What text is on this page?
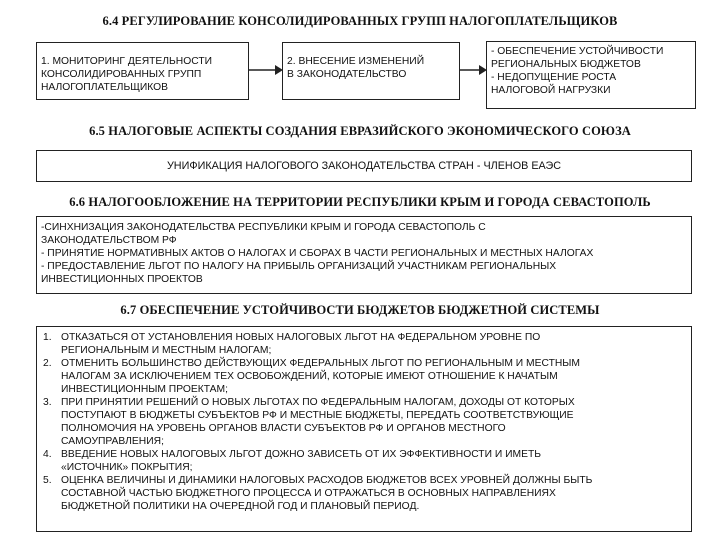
6.4 РЕГУЛИРОВАНИЕ КОНСОЛИДИРОВАННЫХ ГРУПП НАЛОГОПЛАТЕЛЬЩИКОВ
1. МОНИТОРИНГ ДЕЯТЕЛЬНОСТИ
КОНСОЛИДИРОВАННЫХ ГРУПП
НАЛОГОПЛАТЕЛЬЩИКОВ
2. ВНЕСЕНИЕ ИЗМЕНЕНИЙ
В ЗАКОНОДАТЕЛЬСТВО
- ОБЕСПЕЧЕНИЕ УСТОЙЧИВОСТИ
РЕГИОНАЛЬНЫХ БЮДЖЕТОВ
- НЕДОПУЩЕНИЕ РОСТА
НАЛОГОВОЙ НАГРУЗКИ
6.5 НАЛОГОВЫЕ АСПЕКТЫ СОЗДАНИЯ ЕВРАЗИЙСКОГО ЭКОНОМИЧЕСКОГО СОЮЗА
УНИФИКАЦИЯ НАЛОГОВОГО ЗАКОНОДАТЕЛЬСТВА СТРАН - ЧЛЕНОВ ЕАЭС
6.6 НАЛОГООБЛОЖЕНИЕ НА ТЕРРИТОРИИ РЕСПУБЛИКИ КРЫМ И ГОРОДА СЕВАСТОПОЛЬ
-СИНХНИЗАЦИЯ ЗАКОНОДАТЕЛЬСТВА РЕСПУБЛИКИ КРЫМ И ГОРОДА СЕВАСТОПОЛЬ С
ЗАКОНОДАТЕЛЬСТВОМ РФ
- ПРИНЯТИЕ НОРМАТИВНЫХ АКТОВ О НАЛОГАХ И СБОРАХ В ЧАСТИ РЕГИОНАЛЬНЫХ И МЕСТНЫХ НАЛОГАХ
- ПРЕДОСТАВЛЕНИЕ ЛЬГОТ ПО НАЛОГУ НА ПРИБЫЛЬ ОРГАНИЗАЦИЙ УЧАСТНИКАМ РЕГИОНАЛЬНЫХ
ИНВЕСТИЦИОННЫХ ПРОЕКТОВ
6.7 ОБЕСПЕЧЕНИЕ УСТОЙЧИВОСТИ БЮДЖЕТОВ БЮДЖЕТНОЙ СИСТЕМЫ
1. ОТКАЗАТЬСЯ ОТ УСТАНОВЛЕНИЯ НОВЫХ НАЛОГОВЫХ ЛЬГОТ НА ФЕДЕРАЛЬНОМ УРОВНЕ ПО
РЕГИОНАЛЬНЫМ И МЕСТНЫМ НАЛОГАМ;
2. ОТМЕНИТЬ БОЛЬШИНСТВО ДЕЙСТВУЮЩИХ ФЕДЕРАЛЬНЫХ ЛЬГОТ ПО РЕГИОНАЛЬНЫМ И МЕСТНЫМ
НАЛОГАМ ЗА ИСКЛЮЧЕНИЕМ ТЕХ ОСВОБОЖДЕНИЙ, КОТОРЫЕ ИМЕЮТ ОТНОШЕНИЕ К НАЧАТЫМ
ИНВЕСТИЦИОННЫМ ПРОЕКТАМ;
3. ПРИ ПРИНЯТИИ РЕШЕНИЙ О НОВЫХ ЛЬГОТАХ ПО ФЕДЕРАЛЬНЫМ НАЛОГАМ, ДОХОДЫ ОТ КОТОРЫХ
ПОСТУПАЮТ В БЮДЖЕТЫ СУБЪЕКТОВ РФ И МЕСТНЫЕ БЮДЖЕТЫ, ПЕРЕДАТЬ СООТВЕТСТВУЮЩИЕ
ПОЛНОМОЧИЯ НА УРОВЕНЬ ОРГАНОВ ВЛАСТИ СУБЪЕКТОВ РФ И ОРГАНОВ МЕСТНОГО
САМОУПРАВЛЕНИЯ;
4. ВВЕДЕНИЕ НОВЫХ НАЛОГОВЫХ ЛЬГОТ ДОЖНО ЗАВИСЕТЬ ОТ ИХ ЭФФЕКТИВНОСТИ И ИМЕТЬ
«ИСТОЧНИК» ПОКРЫТИЯ;
5. ОЦЕНКА ВЕЛИЧИНЫ И ДИНАМИКИ НАЛОГОВЫХ РАСХОДОВ БЮДЖЕТОВ ВСЕХ УРОВНЕЙ ДОЛЖНЫ БЫТЬ
СОСТАВНОЙ ЧАСТЬЮ БЮДЖЕТНОГО ПРОЦЕССА И ОТРАЖАТЬСЯ В ОСНОВНЫХ НАПРАВЛЕНИЯХ
БЮДЖЕТНОЙ ПОЛИТИКИ НА ОЧЕРЕДНОЙ ГОД И ПЛАНОВЫЙ ПЕРИОД.
